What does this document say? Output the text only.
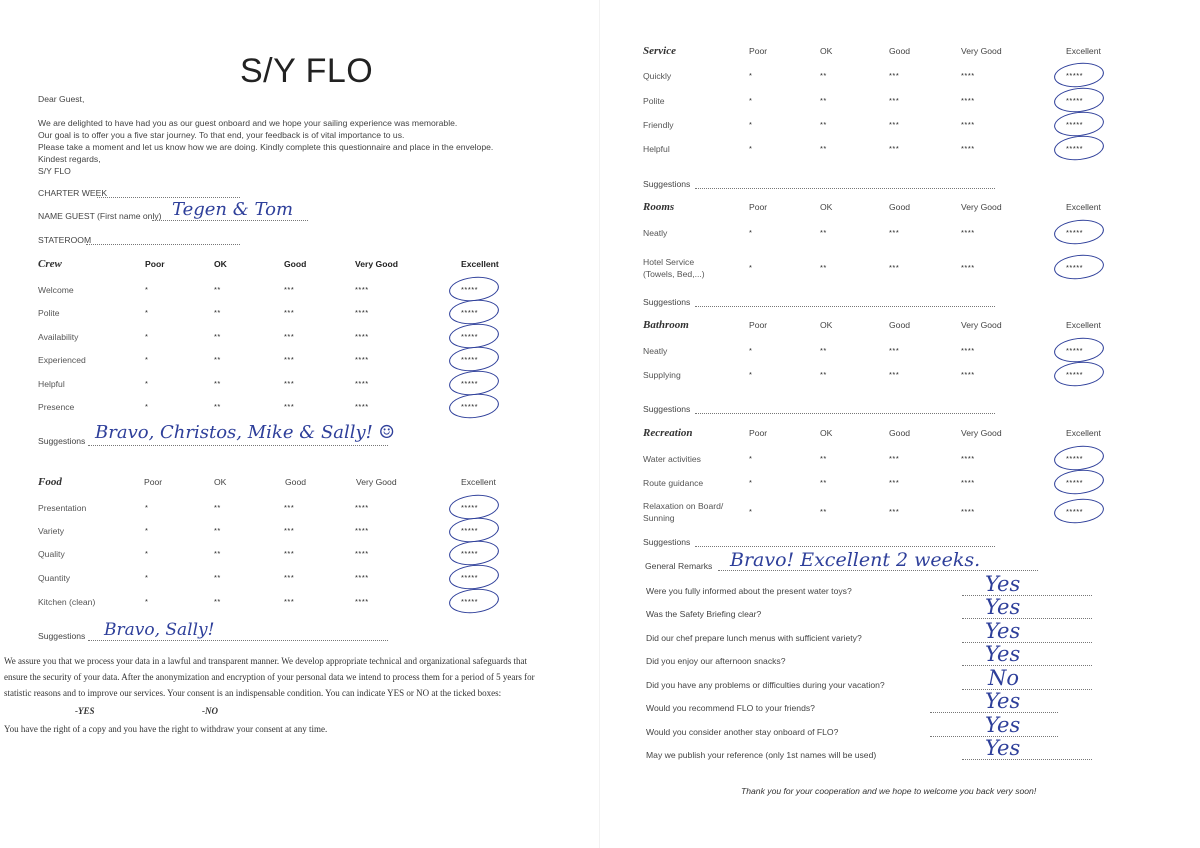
S/Y FLO
Dear Guest,
We are delighted to have had you as our guest onboard and we hope your sailing experience was memorable.
Our goal is to offer you a five star journey. To that end, your feedback is of vital importance to us.
Please take a moment and let us know how we are doing. Kindly complete this questionnaire and place in the envelope.
Kindest regards,
S/Y FLO
CHARTER WEEK
NAME GUEST (First name only) Tegen & Tom
STATEROOM
Crew	Poor	OK	Good	Very Good	Excellent
Welcome	*	**	***	****	*****
Polite	*	**	***	****	*****
Availability	*	**	***	****	*****
Experienced	*	**	***	****	*****
Helpful	*	**	***	****	*****
Presence	*	**	***	****	*****
Suggestions Bravo, Christos, Mike & Sally! ☺
Food	Poor	OK	Good	Very Good	Excellent
Presentation	*	**	***	****	*****
Variety	*	**	***	****	*****
Quality	*	**	***	****	*****
Quantity	*	**	***	****	*****
Kitchen (clean)	*	**	***	****	*****
Suggestions Bravo, Sally!
We assure you that we process your data in a lawful and transparent manner. We develop appropriate technical and organizational safeguards that
ensure the security of your data. After the anonymization and encryption of your personal data we intend to process them for a period of 5 years for
statistic reasons and to improve our services. Your consent is an indispensable condition. You can indicate YES or NO at the ticked boxes:
-YES	-NO
You have the right of a copy and you have the right to withdraw your consent at any time.
Service	Poor	OK	Good	Very Good	Excellent
Quickly	*	**	***	****	*****
Polite	*	**	***	****	*****
Friendly	*	**	***	****	*****
Helpful	*	**	***	****	*****
Suggestions
Rooms	Poor	OK	Good	Very Good	Excellent
Neatly	*	**	***	****	*****
Hotel Service
(Towels, Bed,...)
*	**	***	****	*****
Suggestions
Bathroom	Poor	OK	Good	Very Good	Excellent
Neatly	*	**	***	****	*****
Supplying	*	**	***	****	*****
Suggestions
Recreation	Poor	OK	Good	Very Good	Excellent
Water activities	*	**	***	****	*****
Route guidance	*	**	***	****	*****
Relaxation on Board/
Sunning
*	**	***	****	*****
Suggestions
General Remarks Bravo! Excellent 2 weeks.
Were you fully informed about the present water toys?	Yes
Was the Safety Briefing clear?	Yes
Did our chef prepare lunch menus with sufficient variety?	Yes
Did you enjoy our afternoon snacks?	Yes
Did you have any problems or difficulties during your vacation?	No
Would you recommend FLO to your friends?	Yes
Would you consider another stay onboard of FLO?	Yes
May we publish your reference (only 1st names will be used)	Yes
Thank you for your cooperation and we hope to welcome you back very soon!
